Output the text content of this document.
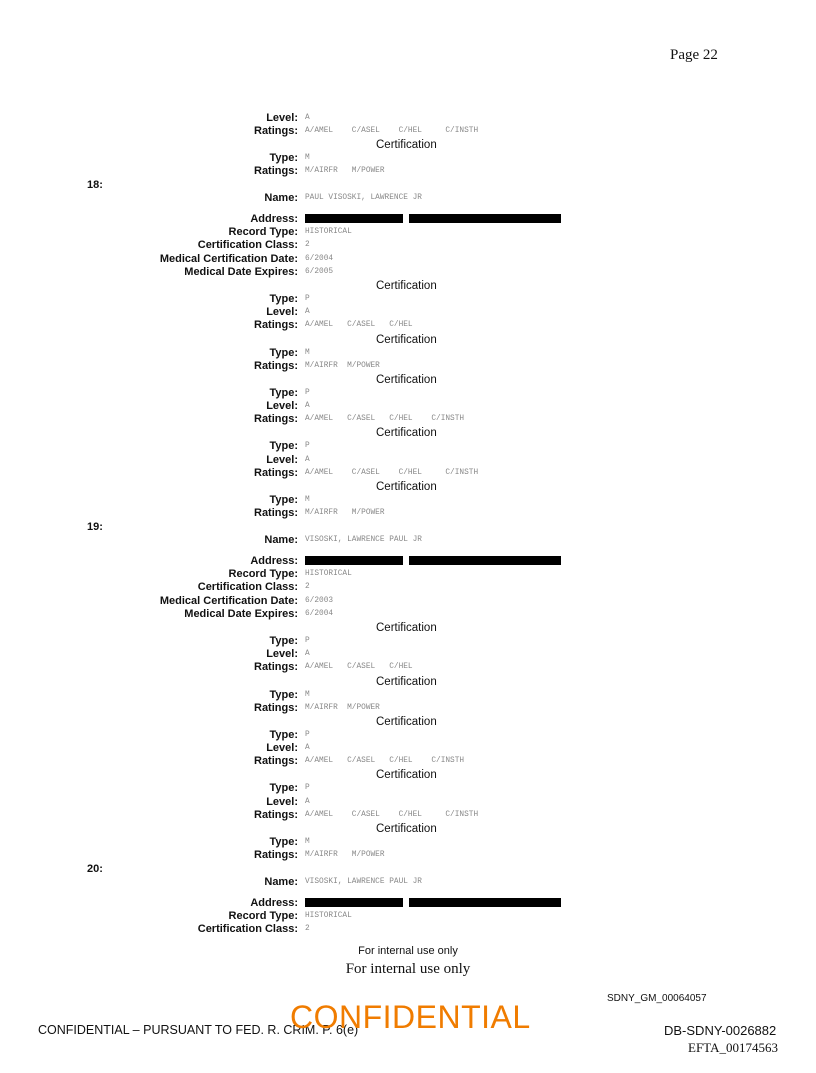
Page 22
Level: A
Ratings: A/AMEL    C/ASEL    C/HEL     C/INSTH
Certification
Type: M
Ratings: M/AIRFR   M/POWER
18:
Name: PAUL VISOSKI, LAWRENCE JR
Address:
Record Type: HISTORICAL
Certification Class: 2
Medical Certification Date: 6/2004
Medical Date Expires: 6/2005
Certification
Type: P
Level: A
Ratings: A/AMEL   C/ASEL   C/HEL
Certification
Type: M
Ratings: M/AIRFR  M/POWER
Certification
Type: P
Level: A
Ratings: A/AMEL   C/ASEL   C/HEL    C/INSTH
Certification
Type: P
Level: A
Ratings: A/AMEL    C/ASEL    C/HEL     C/INSTH
Certification
Type: M
Ratings: M/AIRFR   M/POWER
19:
Name: VISOSKI, LAWRENCE PAUL JR
Address:
Record Type: HISTORICAL
Certification Class: 2
Medical Certification Date: 6/2003
Medical Date Expires: 6/2004
Certification
Type: P
Level: A
Ratings: A/AMEL   C/ASEL   C/HEL
Certification
Type: M
Ratings: M/AIRFR  M/POWER
Certification
Type: P
Level: A
Ratings: A/AMEL   C/ASEL   C/HEL    C/INSTH
Certification
Type: P
Level: A
Ratings: A/AMEL    C/ASEL    C/HEL     C/INSTH
Certification
Type: M
Ratings: M/AIRFR   M/POWER
20:
Name: VISOSKI, LAWRENCE PAUL JR
Address:
Record Type: HISTORICAL
Certification Class: 2
For internal use only
For internal use only
SDNY_GM_00064057
CONFIDENTIAL – PURSUANT TO FED. R. CRIM. P. 6(e)
CONFIDENTIAL	DB-SDNY-0026882
EFTA_00174563
